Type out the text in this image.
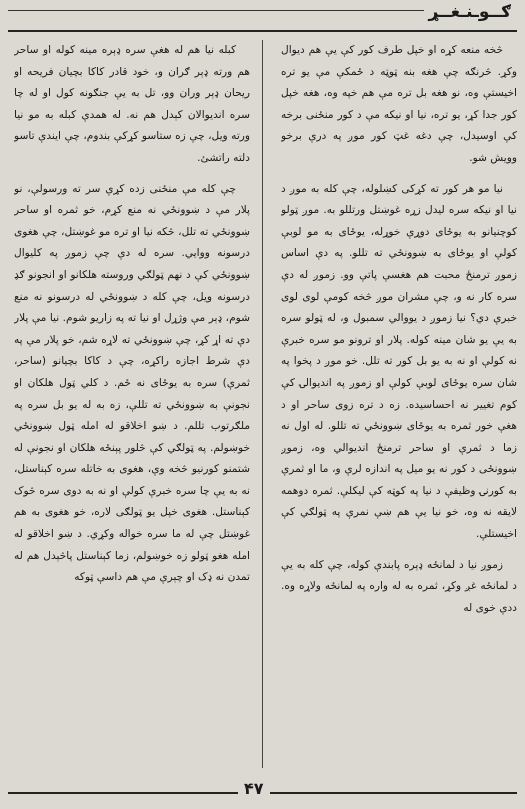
ګــوـنـغــړ

څخه منعه کړه او خپل طرف کور کې یې هم دیوال وکړ. څرنګه چې هغه بنه ټوټه د ځمکې مې یو تره اخیستې وه، نو هغه بل تره مې هم خپه وه، هغه خپل کور جدا کړ، یو تره، نیا او نیکه مې د کور منځنی برخه کې اوسیدل، چې دغه غټ کور موږ په درې برخو وویش شو.

نیا مو هر کور ته کړکی کښلوله، چې کله به موږ د نیا او نیکه سره لیدل زړه غوښتل ورتللو به. موږ ټولو کوچنیانو به یوځای دوړې خوړله، یوځای به مو لوبې کولې او یوځای به ښوونځي ته تللو. په دې اساس زموږ ترمنځ محبت هم هغسې پاتې وو. زموږ له دې سره کار نه و، چې مشران موږ څخه کومې لوی لوی خبرې دي؟ نیا زموږ د یووالي سمبول و، له ټولو سره به یې یو شان مینه کوله. پلار او ترونو مو سره خبرې نه کولې او نه به یو بل کور ته تلل. خو موږ د پخوا په شان سره یوځای لوبې کولې او زموږ په اندیوالۍ کې کوم تغییر نه احساسیده. زه د تره زوی ساحر او د هغې خور ثمره به یوځای ښوونځي ته تللو. له اول نه زما د ثمرې او ساحر ترمنځ اندیوالي وه، زموږ ښوونځی د کور نه یو میل په اندازه لرې و، ما او ثمرې به کورنۍ وظیفې د نیا په کوټه کې لیکلې. ثمره دوهمه لایقه نه وه، خو نیا یې هم ښې نمرې په ټولګي کې اخیستلې.

زموږ نیا د لمانځه ډېره پابندې کوله، چې کله به یې د لمانځه غږ وکړ، ثمره به له واره په لمانځه ولاړه وه. ددې خوی له

کبله نیا هم له هغې سره ډېره مینه کوله او ساحر هم ورته ډېر ګران و، خود قادر کاکا بچیان فریحه او ریحان ډېر وران وو، تل به یې جنګونه کول او له چا سره اندیوالان کېدل هم نه. له همدې کبله به مو نیا ورته ویل، چې زه ستاسو کړکې بندوم، چې ایندې تاسو دلته راتشئ.

چې کله مې منځنی زده کړې سر ته ورسولې، نو پلار مې د ښوونځي نه منع کړم، خو ثمره او ساحر ښوونځي ته تلل، څکه نیا او تره مو غوښتل، چې هغوی درسونه ووایي. سره له دې چې زموږ په کلیوال ښوونځي کې د نهم ټولګي وروسته هلکانو او انجونو ګډ درسونه ویل، چې کله د ښوونځي له درسونو نه منع شوم، ډېر مې وژړل او نیا ته په زاریو شوم. نیا مې پلار دې ته اړ کړ، چې ښوونځي ته لاړه شم، خو پلار مې په دې شرط اجازه راکړه، چې د کاکا بچیانو (ساحر، ثمرې) سره به یوځای نه ځم. د کلي ټول هلکان او نجونې به ښوونځي ته تللې، زه به له یو بل سره په ملګرتوب تللم. د ښو اخلاقو له امله ټول ښوونځي خوښولم. په ټولګي کې څلور پېنځه هلکان او نجونې له شتمنو کورنیو څخه وې، هغوی به خاتله سره کېناستل، نه به یې چا سره خبرې کولې او نه به دوی سره څوک کېناستل. هغوی خپل یو ټولګی لاره، خو هغوی به هم غوښتل چې له ما سره خواله وکړي. د ښو اخلاقو له امله هغو ټولو زه خوښولم، زما کېناستل پاڅېدل هم له تمدن نه ډک او چېرې مې هم داسې ټوکه

۴۷
